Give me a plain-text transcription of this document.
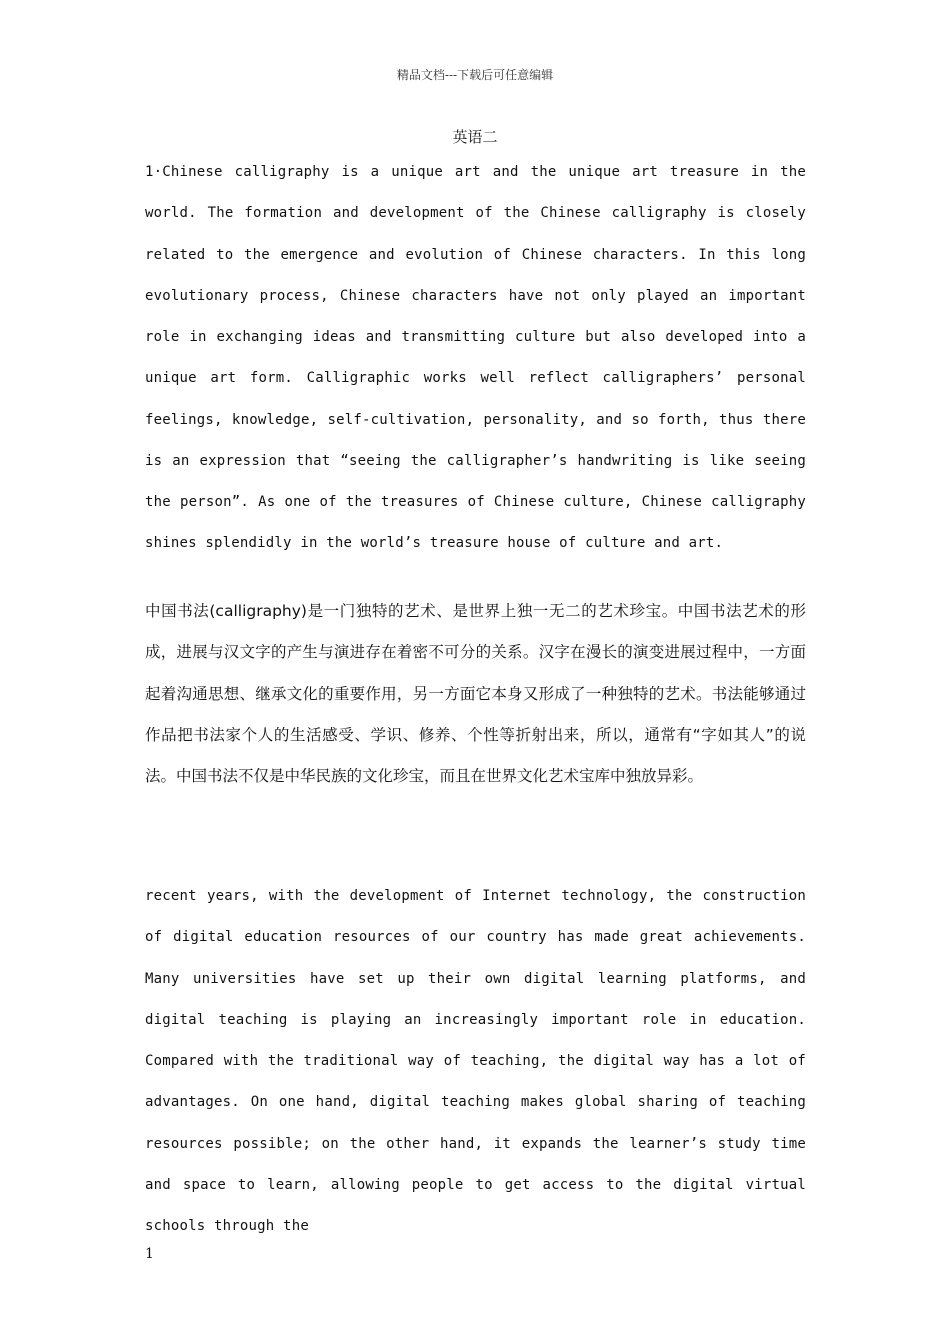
精品文档---下载后可任意编辑
英语二

1·Chinese calligraphy is a unique art and the unique art treasure in the world. The formation and development of the Chinese calligraphy is closely related to the emergence and evolution of Chinese characters. In this long evolutionary process, Chinese characters have not only played an important role in exchanging ideas and transmitting culture but also developed into a unique art form. Calligraphic works well reflect calligraphers’ personal feelings, knowledge, self-cultivation, personality, and so forth, thus there is an expression that “seeing the calligrapher’s handwriting is like seeing the person”. As one of the treasures of Chinese culture, Chinese calligraphy shines splendidly in the world’s treasure house of culture and art.

中国书法(calligraphy)是一门独特的艺术、是世界上独一无二的艺术珍宝。中国书法艺术的形成，进展与汉文字的产生与演进存在着密不可分的关系。汉字在漫长的演变进展过程中，一方面起着沟通思想、继承文化的重要作用，另一方面它本身又形成了一种独特的艺术。书法能够通过作品把书法家个人的生活感受、学识、修养、个性等折射出来，所以，通常有“字如其人”的说法。中国书法不仅是中华民族的文化珍宝，而且在世界文化艺术宝库中独放异彩。

recent years, with the development of Internet technology, the construction of digital education resources of our country has made great achievements. Many universities have set up their own digital learning platforms, and digital teaching is playing an increasingly important role in education. Compared with the traditional way of teaching, the digital way has a lot of advantages. On one hand, digital teaching makes global sharing of teaching resources possible; on the other hand, it expands the learner’s study time and space to learn, allowing people to get access to the digital virtual schools through the

1
